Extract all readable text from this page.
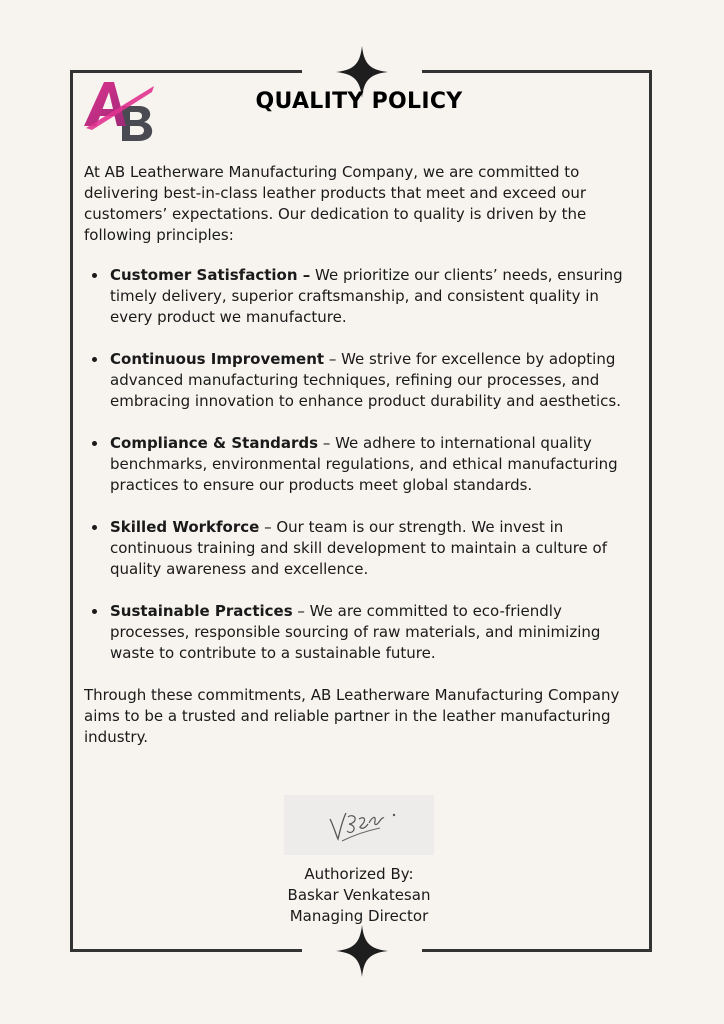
QUALITY POLICY

At AB Leatherware Manufacturing Company, we are committed to delivering best-in-class leather products that meet and exceed our customers’ expectations. Our dedication to quality is driven by the following principles:

Customer Satisfaction – We prioritize our clients’ needs, ensuring timely delivery, superior craftsmanship, and consistent quality in every product we manufacture.
Continuous Improvement – We strive for excellence by adopting advanced manufacturing techniques, refining our processes, and embracing innovation to enhance product durability and aesthetics.
Compliance & Standards – We adhere to international quality benchmarks, environmental regulations, and ethical manufacturing practices to ensure our products meet global standards.
Skilled Workforce – Our team is our strength. We invest in continuous training and skill development to maintain a culture of quality awareness and excellence.
Sustainable Practices – We are committed to eco-friendly processes, responsible sourcing of raw materials, and minimizing waste to contribute to a sustainable future.

Through these commitments, AB Leatherware Manufacturing Company aims to be a trusted and reliable partner in the leather manufacturing industry.

Authorized By:
Baskar Venkatesan
Managing Director
